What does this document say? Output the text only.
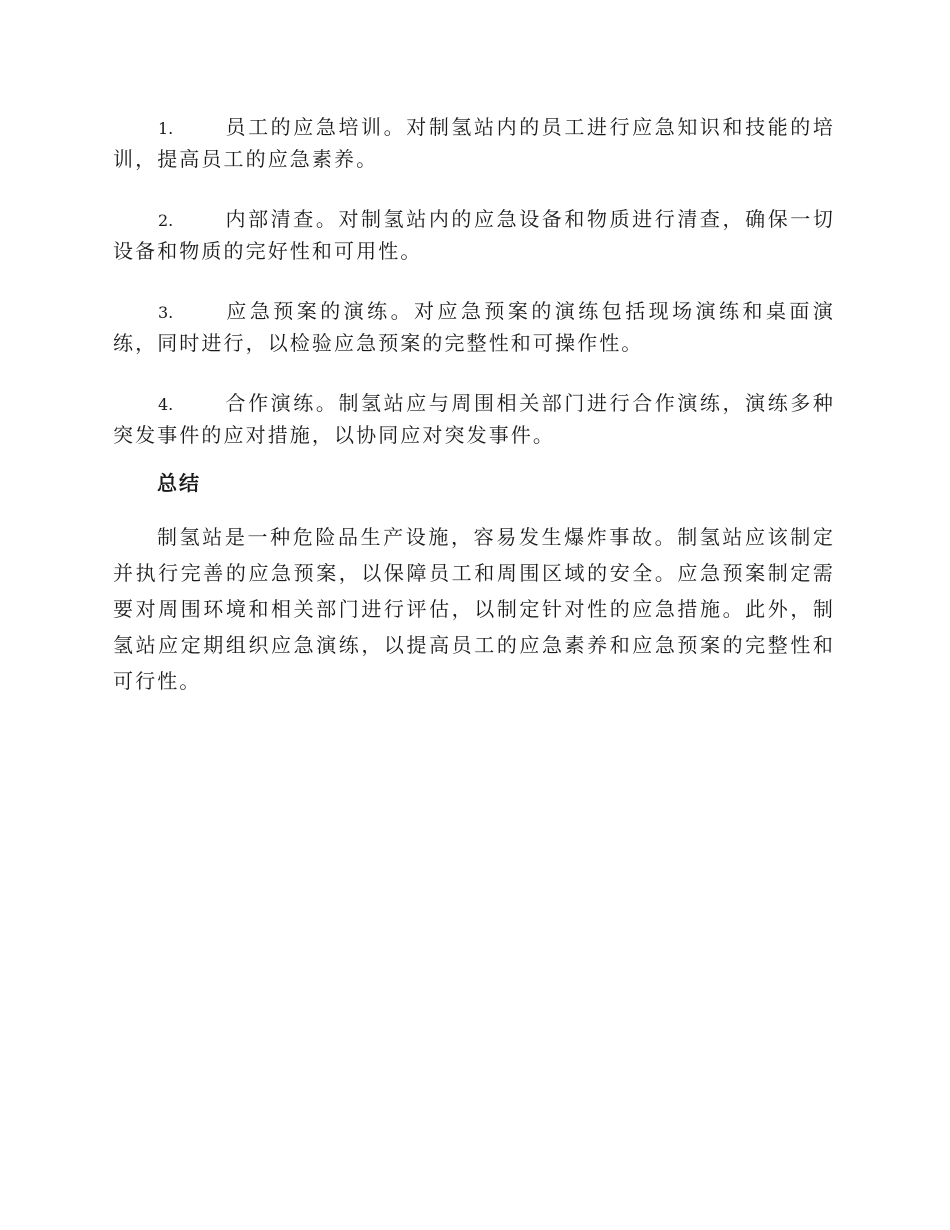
1.	员工的应急培训。对制氢站内的员工进行应急知识和技能的培训，提高员工的应急素养。

2.	内部清查。对制氢站内的应急设备和物质进行清查，确保一切设备和物质的完好性和可用性。

3.	应急预案的演练。对应急预案的演练包括现场演练和桌面演练，同时进行，以检验应急预案的完整性和可操作性。

4.	合作演练。制氢站应与周围相关部门进行合作演练，演练多种突发事件的应对措施，以协同应对突发事件。

总结

制氢站是一种危险品生产设施，容易发生爆炸事故。制氢站应该制定并执行完善的应急预案，以保障员工和周围区域的安全。应急预案制定需要对周围环境和相关部门进行评估，以制定针对性的应急措施。此外，制氢站应定期组织应急演练，以提高员工的应急素养和应急预案的完整性和可行性。
